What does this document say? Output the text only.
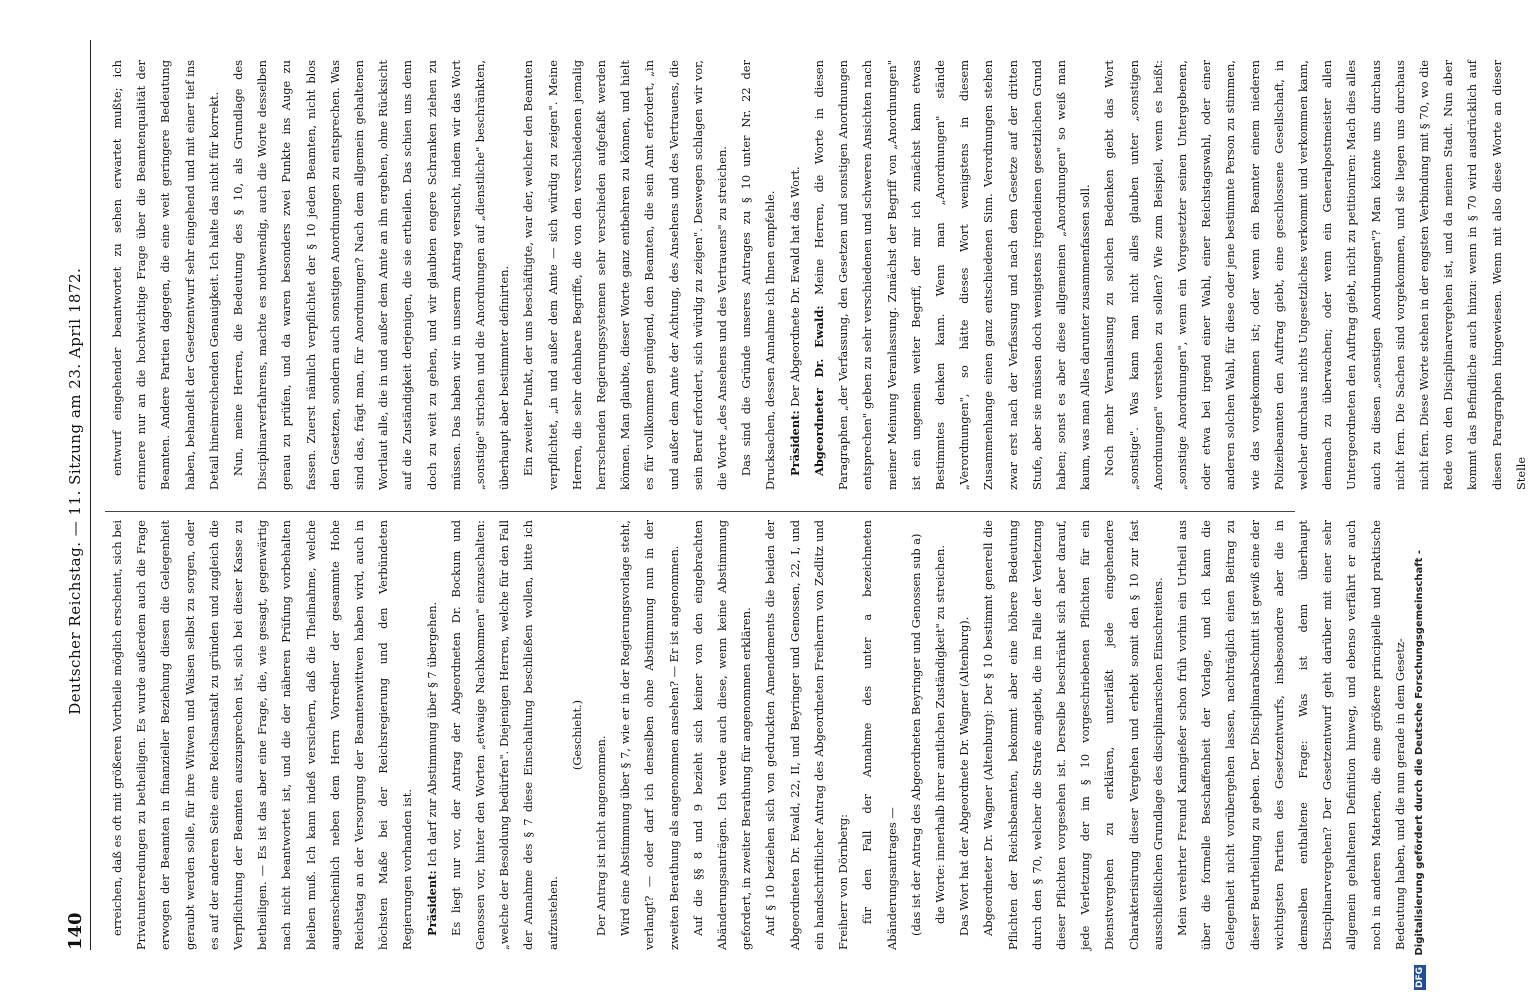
140
Deutscher Reichstag. — 11. Sitzung am 23. April 1872.

erreichen, daß es oft mit größeren Vortheile möglich erscheint, sich bei Privatunterredungen zu betheiligen. Es wurde außerdem auch die Frage erwogen der Beamten in finanzieller Beziehung diesen die Gelegenheit geraubt werden solle, für ihre Witwen und Waisen selbst zu sorgen, oder es auf der anderen Seite eine Reichsanstalt zu gründen und zugleich die Verpflichtung der Beamten auszusprechen ist, sich bei dieser Kasse zu betheiligen. — Es ist das aber eine Frage, die, wie gesagt, gegenwärtig nach nicht beantwortet ist, und die der näheren Prüfung vorbehalten bleiben muß. Ich kann indeß versichern, daß die Theilnahme, welche augenscheinlich neben dem Herrn Vorredner der gesammte Hohe Reichstag an der Versorgung der Beamtenwittwen haben wird, auch in höchsten Maße bei der Reichsregierung und den Verbündeten Regierungen vorhanden ist. Präsident: Ich darf zur Abstimmung über § 7 übergehen. Es liegt nur vor, der Antrag der Abgeordneten Dr. Bockum und Genossen vor, hinter den Worten „etwaige Nachkommen" einzuschalten: „welche der Besoldung bedürfen". Diejenigen Herren, welche für den Fall der Annahme des § 7 diese Einschaltung beschließen wollen, bitte ich aufzustehen.

(Geschieht.)

Der Antrag ist nicht angenommen. Wird eine Abstimmung über § 7, wie er in der Regierungsvorlage steht, verlangt? — oder darf ich denselben ohne Abstimmung nun in der zweiten Berathung als angenommen ansehen? — Er ist angenommen. Auf die §§ 8 und 9 bezieht sich keiner von den eingebrachten Abänderungsanträgen. Ich werde auch diese, wenn keine Abstimmung gefordert, in zweiter Berathung für angenommen erklären. Auf § 10 beziehen sich von gedruckten Amendements die beiden der Abgeordneten Dr. Ewald, 22, II, und Beyringer und Genossen, 22, I, und ein handschriftlicher Antrag des Abgeordneten Freiherrn von Zedlitz und Freiherr von Dörnberg: für den Fall der Annahme des unter a bezeichneten Abänderungsantrages — (das ist der Antrag des Abgeordneten Beyringer und Genossen sub a) die Worte: innerhalb ihrer amtlichen Zuständigkeit" zu streichen. Das Wort hat der Abgeordnete Dr. Wagner (Altenburg). Abgeordneter Dr. Wagner (Altenburg): Der § 10 bestimmt generell die Pflichten der Reichsbeamten, bekommt aber eine höhere Bedeutung durch den § 70, welcher die Strafe angiebt, die im Falle der Verletzung dieser Pflichten vorgesehen ist. Derselbe beschränkt sich aber darauf, jede Verletzung der im § 10 vorgeschriebenen Pflichten für ein Dienstvergehen zu erklären, unterläßt jede eingehendere Charakterisirung dieser Vergehen und erhebt somit den § 10 zur fast ausschließlichen Grundlage des disciplinarischen Einschreitens. Mein verehrter Freund Kanngießer schon früh vorhin ein Urtheil aus über die formelle Beschaffenheit der Vorlage, und ich kann die Gelegenheit nicht vorübergehen lassen, nachträglich einen Beitrag zu dieser Beurtheilung zu geben. Der Disciplinarabschnitt ist gewiß eine der wichtigsten Partien des Gesetzentwurfs, insbesondere aber die in demselben enthaltene Frage: Was ist denn überhaupt Disciplinarvergehen? Der Gesetzentwurf geht darüber mit einer sehr allgemein gehaltenen Definition hinweg, und ebenso verfährt er auch noch in anderen Materien, die eine größere principielle und praktische Bedeutung haben, und die nun gerade in dem Gesetz-

entwurf eingehender beantwortet zu sehen erwartet mußte; ich erinnere nur an die hochwichtige Frage über die Beamtenqualität der Beamten. Andere Partien dagegen, die eine weit geringere Bedeutung haben, behandelt der Gesetzentwurf sehr eingehend und mit einer tief ins Detail hineinreichenden Genauigkeit. Ich halte das nicht für korrekt. Nun, meine Herren, die Bedeutung des § 10, als Grundlage des Disciplinarverfahrens, machte es nothwendig, auch die Worte desselben genau zu prüfen, und da waren besonders zwei Punkte ins Auge zu fassen. Zuerst nämlich verpflichtet der § 10 jeden Beamten, nicht blos den Gesetzen, sondern auch sonstigen Anordnungen zu entsprechen. Was sind das, frägt man, für Anordnungen? Nach dem allgemein gehaltenen Wortlaut alle, die in und außer dem Amte an ihn ergehen, ohne Rücksicht auf die Zuständigkeit derjenigen, die sie ertheilen. Das schien uns denn doch zu weit zu gehen, und wir glaubten engere Schranken ziehen zu müssen. Das haben wir in unserm Antrag versucht, indem wir das Wort „sonstige" strichen und die Anordnungen auf „dienstliche" beschränkten, überhaupt aber bestimmter definirten. Ein zweiter Punkt, der uns beschäftigte, war der, welcher den Beamten verpflichtet, „in und außer dem Amte — sich würdig zu zeigen". Meine Herren, die sehr dehnbare Begriffe, die von den verschiedenen jemalig herrschenden Regierungssystemen sehr verschieden aufgefaßt werden können. Man glaubte, dieser Worte ganz entbehren zu können, und hielt es für vollkommen genügend, den Beamten, die sein Amt erfordert, „in und außer dem Amte der Achtung, des Ansehens und des Vertrauens, die sein Beruf erfordert, sich würdig zu zeigen". Deswegen schlagen wir vor, die Worte „des Ansehens und des Vertrauens" zu streichen. Das sind die Gründe unseres Antrages zu § 10 unter Nr. 22 der Drucksachen, dessen Annahme ich Ihnen empfehle. Präsident: Der Abgeordnete Dr. Ewald hat das Wort. Abgeordneter Dr. Ewald: Meine Herren, die Worte in diesen Paragraphen „der Verfassung, den Gesetzen und sonstigen Anordnungen entsprechen" geben zu sehr verschiedenen und schweren Ansichten nach meiner Meinung Veranlassung. Zunächst der Begriff von „Anordnungen" ist ein ungemein weiter Begriff, der mir ich zunächst kann etwas Bestimmtes denken kann. Wenn man „Anordnungen" stände „Verordnungen", so hätte dieses Wort wenigstens in diesem Zusammenhange einen ganz entschiedenen Sinn. Verordnungen stehen zwar erst nach der Verfassung und nach dem Gesetze auf der dritten Stufe, aber sie müssen doch wenigstens irgendeinen gesetzlichen Grund haben; sonst es aber diese allgemeinen „Anordnungen" so weiß man kaum, was man Alles darunter zusammenfassen soll. Noch mehr Veranlassung zu solchen Bedenken giebt das Wort „sonstige". Was kann man nicht alles glauben unter „sonstigen Anordnungen" verstehen zu sollen? Wie zum Beispiel, wenn es heißt: „sonstige Anordnungen", wenn ein Vorgesetzter seinen Untergebenen, oder etwa bei irgend einer Wahl, einer Reichstagswahl, oder einer anderen solchen Wahl, für diese oder jene bestimmte Person zu stimmen, wie das vorgekommen ist; oder wenn ein Beamter einem niederen Polizeibeamten den Auftrag giebt, eine geschlossene Gesellschaft, in welcher durchaus nichts Ungesetzliches verkommt und verkommen kann, demnach zu überwachen; oder wenn ein Generalpostmeister allen Untergeordneten den Auftrag giebt, nicht zu petitioniren: Mach dies alles auch zu diesen „sonstigen Anordnungen"? Man könnte uns durchaus nicht fern. Die Sachen sind vorgekommen, und sie liegen uns durchaus nicht fern. Diese Worte stehen in der engsten Verbindung mit § 70, wo die Rede von den Disciplinarvergehen ist, und da meinen Stadt. Nun aber kommt das Befindliche auch hinzu: wenn in § 70 wird ausdrücklich auf diesen Paragraphen hingewiesen. Wenn mit also diese Worte an dieser Stelle

DFG Digitalisierung gefördert durch die Deutsche Forschungsgemeinschaft -
